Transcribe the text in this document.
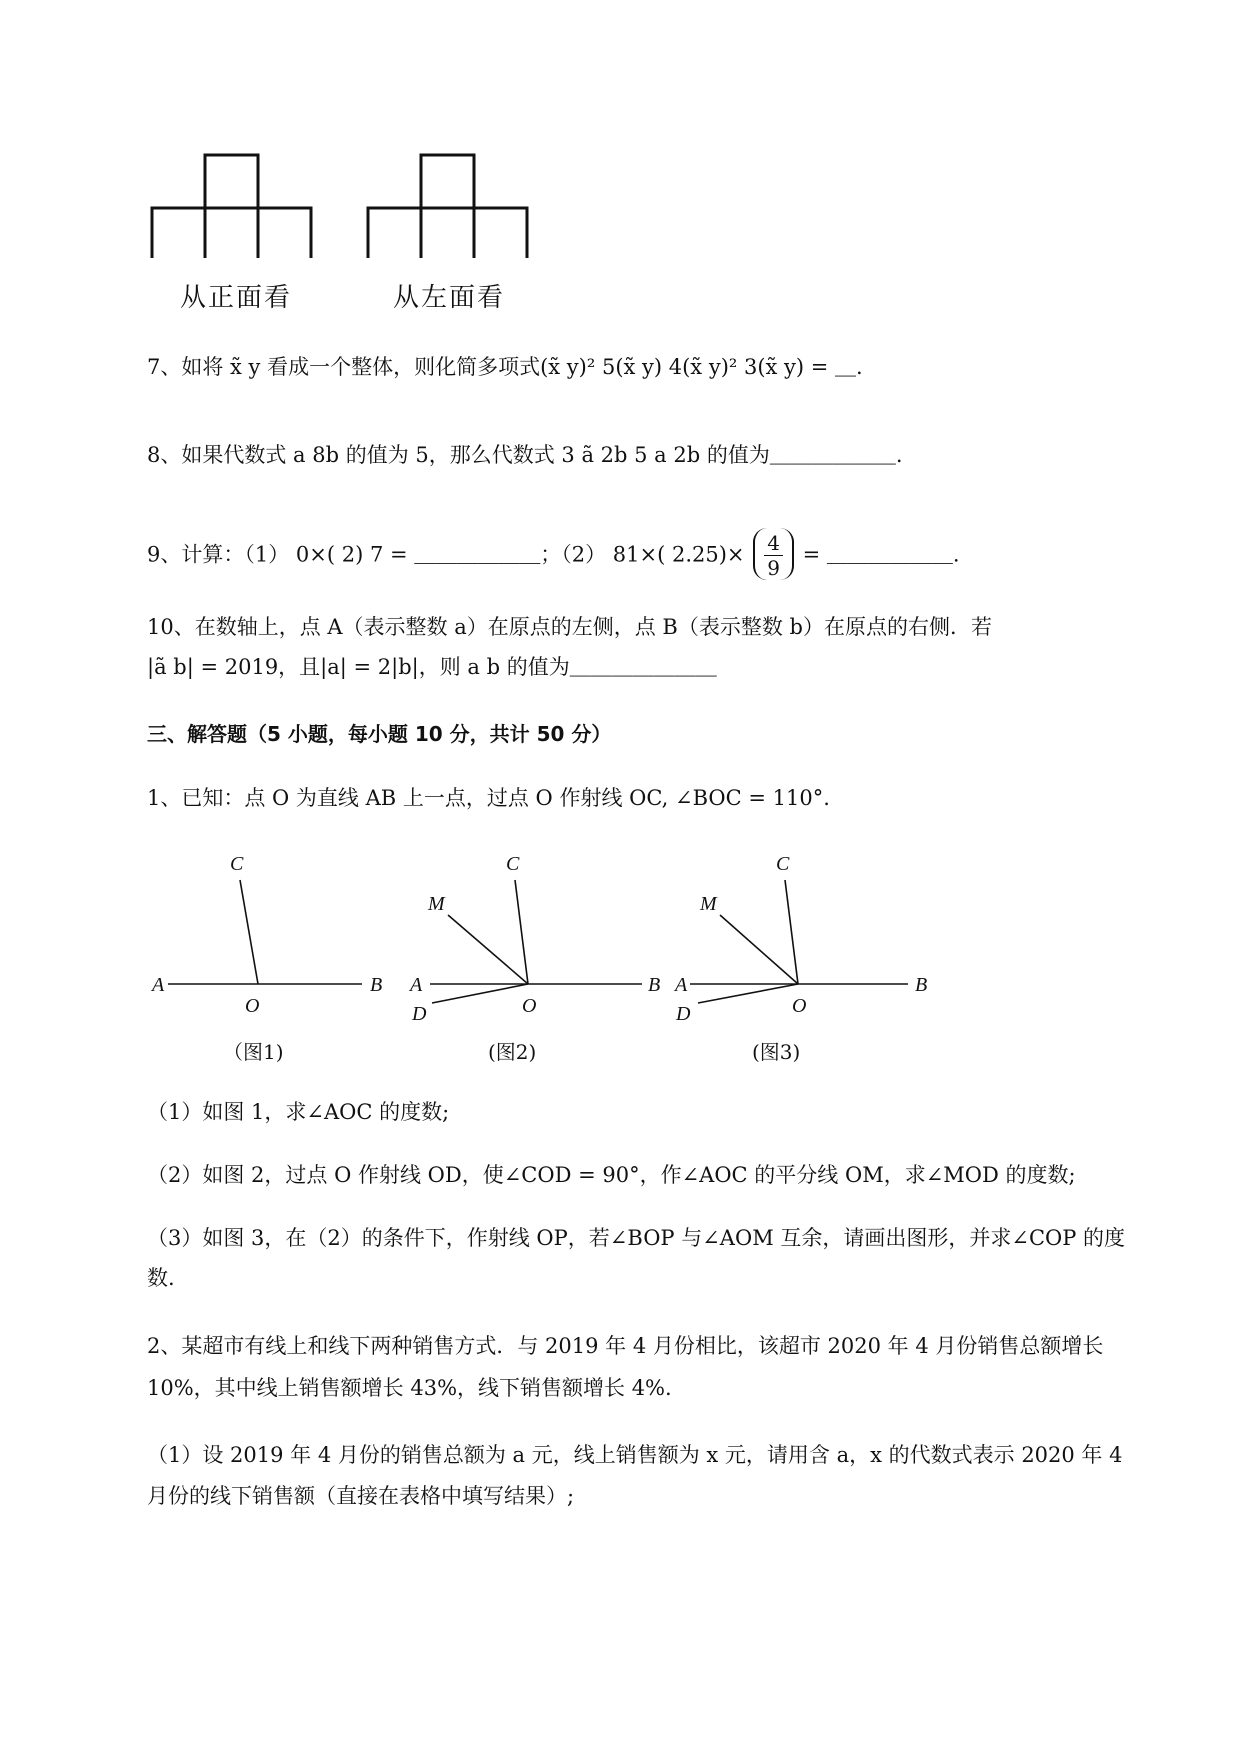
从正面看	从左面看
7、如将 x̃ y 看成一个整体，则化简多项式(x̃ y)² 5(x̃ y) 4(x̃ y)² 3(x̃ y) = ＿.
8、如果代数式 a 8b 的值为 5，那么代数式 3 ã 2b 5 a 2b 的值为＿＿＿＿＿＿.
9、计算：（1） 0×( 2) 7 = ＿＿＿＿＿＿；（2） 81×( $2.25)\times \frac{4}{9}$ = ＿＿＿＿＿＿.
10、在数轴上，点 A（表示整数 a）在原点的左侧，点 B（表示整数 b）在原点的右侧．若
|ã b| = 2019，且|a| = 2|b|，则 a b 的值为＿＿＿＿＿＿＿
三、解答题（5 小题，每小题 10 分，共计 50 分）
1、已知：点 O 为直线 AB 上一点，过点 O 作射线 OC, ∠BOC = 110°.
A	B
C
O
A	B
C
M
D	O
A	B
C
M
D	O
（图1)	(图2)	(图3)
（1）如图 1，求∠AOC 的度数;
（2）如图 2，过点 O 作射线 OD，使∠COD = 90°，作∠AOC 的平分线 OM，求∠MOD 的度数;
（3）如图 3，在（2）的条件下，作射线 OP，若∠BOP 与∠AOM 互余，请画出图形，并求∠COP 的度
数.
2、某超市有线上和线下两种销售方式．与 2019 年 4 月份相比，该超市 2020 年 4 月份销售总额增长
10%，其中线上销售额增长 43%，线下销售额增长 4%.
（1）设 2019 年 4 月份的销售总额为 a 元，线上销售额为 x 元，请用含 a，x 的代数式表示 2020 年 4
月份的线下销售额（直接在表格中填写结果）;
